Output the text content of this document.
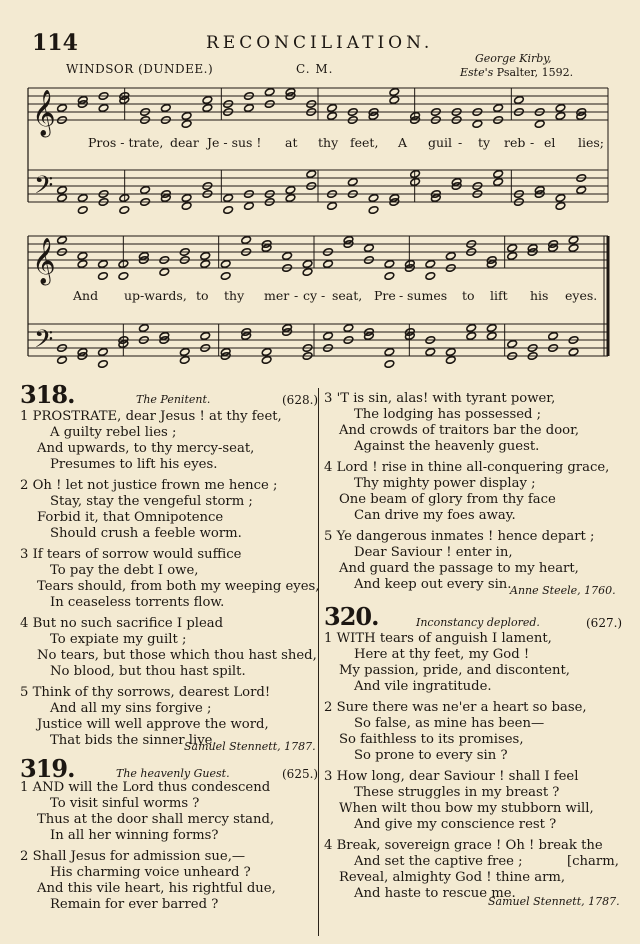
114	RECONCILIATION.
WINDSOR (DUNDEE.)	C. M.
George Kirby,
Este's Psalter, 1592.
𝄞
𝄢
𝄞
𝄢
Pros - trate, dear Je - sus ! at thy feet, A guil - ty reb - el lies;
And up-wards, to thy mer - cy - seat, Pre - sumes to lift his eyes.
318.	The Penitent.	(628.)
1 PROSTRATE, dear Jesus ! at thy feet,
A guilty rebel lies ;
And upwards, to thy mercy-seat,
Presumes to lift his eyes.
2 Oh ! let not justice frown me hence ;
Stay, stay the vengeful storm ;
Forbid it, that Omnipotence
Should crush a feeble worm.
3 If tears of sorrow would suffice
To pay the debt I owe,
Tears should, from both my weeping eyes,
In ceaseless torrents flow.
4 But no such sacrifice I plead
To expiate my guilt ;
No tears, but those which thou hast shed,
No blood, but thou hast spilt.
5 Think of thy sorrows, dearest Lord!
And all my sins forgive ;
Justice will well approve the word,
That bids the sinner live.
Samuel Stennett, 1787.
319.	The heavenly Guest.	(625.)
1 AND will the Lord thus condescend
To visit sinful worms ?
Thus at the door shall mercy stand,
In all her winning forms?
2 Shall Jesus for admission sue,—
His charming voice unheard ?
And this vile heart, his rightful due,
Remain for ever barred ?
3 'T is sin, alas! with tyrant power,
The lodging has possessed ;
And crowds of traitors bar the door,
Against the heavenly guest.
4 Lord ! rise in thine all-conquering grace,
Thy mighty power display ;
One beam of glory from thy face
Can drive my foes away.
5 Ye dangerous inmates ! hence depart ;
Dear Saviour ! enter in,
And guard the passage to my heart,
And keep out every sin.
Anne Steele, 1760.
320.	Inconstancy deplored.	(627.)
1 WITH tears of anguish I lament,
Here at thy feet, my God !
My passion, pride, and discontent,
And vile ingratitude.
2 Sure there was ne'er a heart so base,
So false, as mine has been—
So faithless to its promises,
So prone to every sin ?
3 How long, dear Saviour ! shall I feel
These struggles in my breast ?
When wilt thou bow my stubborn will,
And give my conscience rest ?
4 Break, sovereign grace ! Oh ! break the
And set the captive free ;	[charm,
Reveal, almighty God ! thine arm,
And haste to rescue me.
Samuel Stennett, 1787.
